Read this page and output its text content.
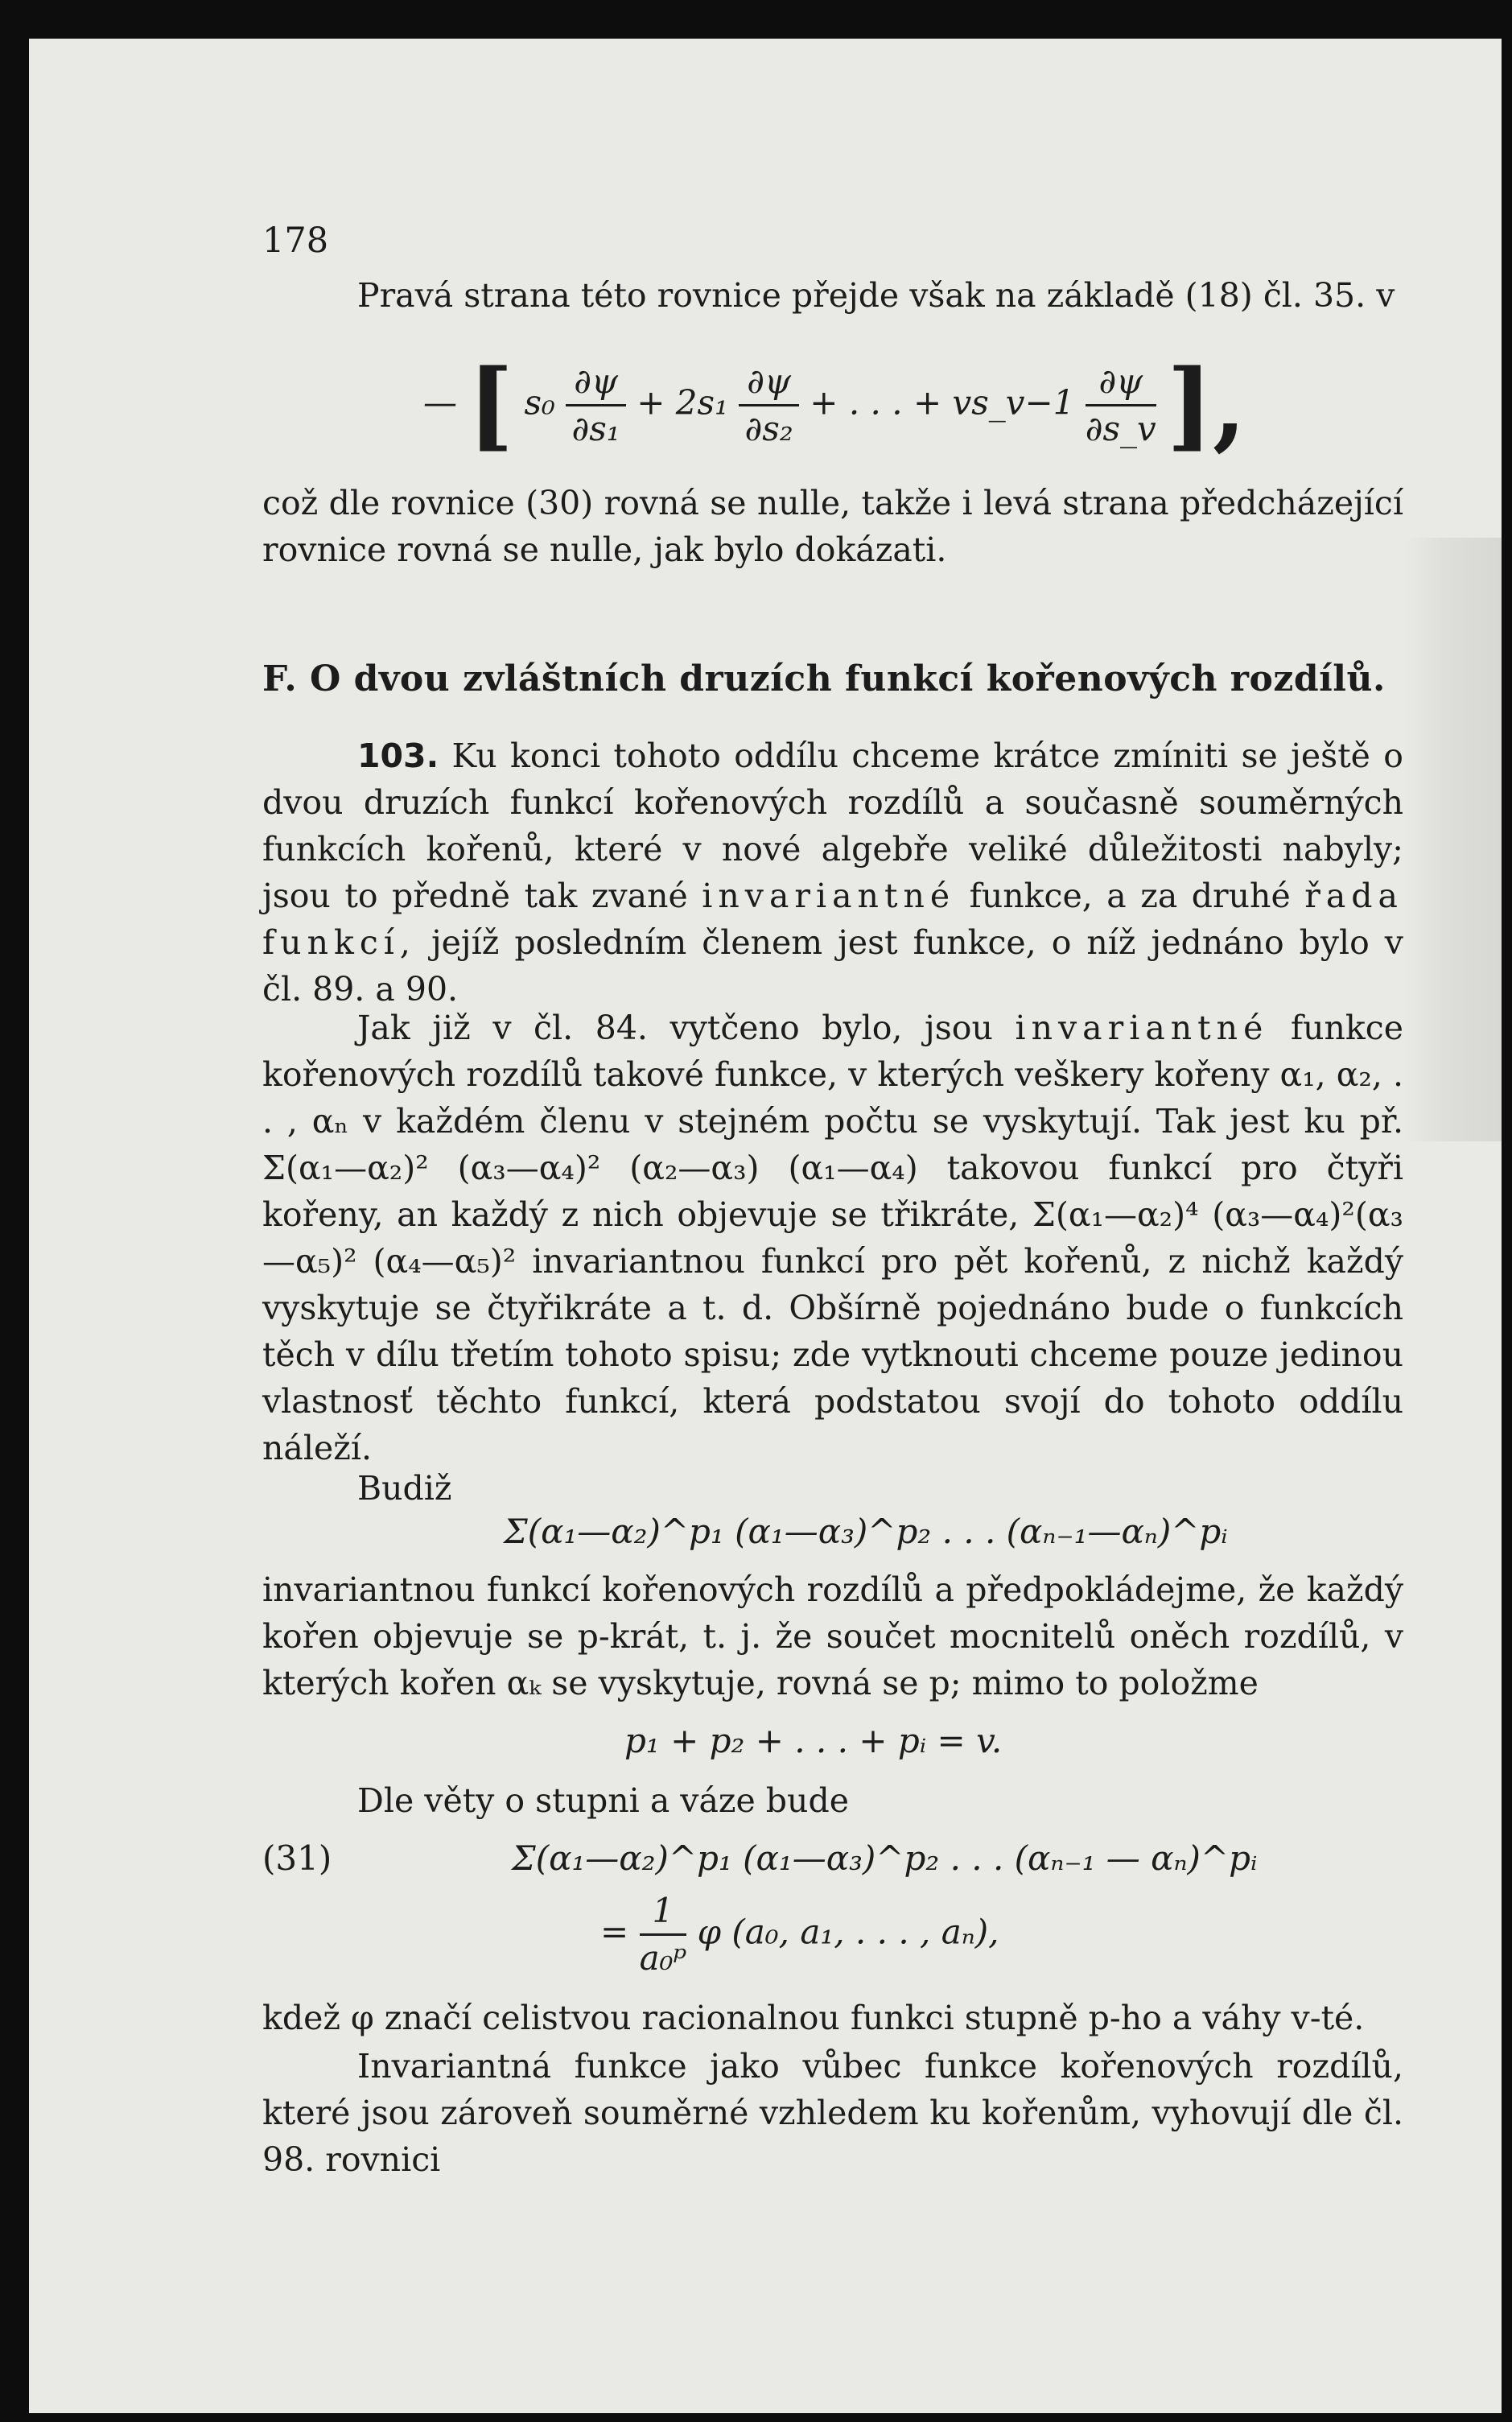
178

Pravá strana této rovnice přejde však na základě (18) čl. 35. v

— [ $s_0 \frac{\partial\psi}{\text{∂s₁}} + 2s_1 \frac{\partial\psi}{\text{∂s₂}}$ + . . . + vs_v−1 $\frac{\partial\psi}{\partial s\_v}$ ],

což dle rovnice (30) rovná se nulle, takže i levá strana předcházející rovnice rovná se nulle, jak bylo dokázati.

F. O dvou zvláštních druzích funkcí kořenových rozdílů.

103. Ku konci tohoto oddílu chceme krátce zmíniti se ještě o dvou druzích funkcí kořenových rozdílů a současně souměrných funkcích kořenů, které v nové algebře veliké důležitosti nabyly; jsou to předně tak zvané invariantné funkce, a za druhé řada funkcí, jejíž posledním členem jest funkce, o níž jednáno bylo v čl. 89. a 90.

Jak již v čl. 84. vytčeno bylo, jsou invariantné funkce kořenových rozdílů takové funkce, v kterých veškery kořeny α₁, α₂, . . , αₙ v každém členu v stejném počtu se vyskytují. Tak jest ku př. Σ(α₁—α₂)² (α₃—α₄)² (α₂—α₃) (α₁—α₄) takovou funkcí pro čtyři kořeny, an každý z nich objevuje se třikráte, Σ(α₁—α₂)⁴ (α₃—α₄)²(α₃—α₅)² (α₄—α₅)² invariantnou funkcí pro pět kořenů, z nichž každý vyskytuje se čtyřikráte a t. d. Obšírně pojednáno bude o funkcích těch v dílu třetím tohoto spisu; zde vytknouti chceme pouze jedinou vlastnosť těchto funkcí, která podstatou svojí do tohoto oddílu náleží.

Budiž

Σ(α₁—α₂)^p₁ (α₁—α₃)^p₂ . . . (αₙ₋₁—αₙ)^pᵢ

invariantnou funkcí kořenových rozdílů a předpokládejme, že každý kořen objevuje se p-krát, t. j. že součet mocnitelů oněch rozdílů, v kterých kořen αₖ se vyskytuje, rovná se p; mimo to položme

p₁ + p₂ + . . . + pᵢ = v.

Dle věty o stupni a váze bude

(31)	Σ(α₁—α₂)^p₁ (α₁—α₃)^p₂ . . . (αₙ₋₁ — αₙ)^pᵢ
= $\frac{1}{\text{a₀ᵖ}}$ φ (a₀, a₁, . . . , aₙ),

kdež φ značí celistvou racionalnou funkci stupně p-ho a váhy v-té.

Invariantná funkce jako vůbec funkce kořenových rozdílů, které jsou zároveň souměrné vzhledem ku kořenům, vyhovují dle čl. 98. rovnici
